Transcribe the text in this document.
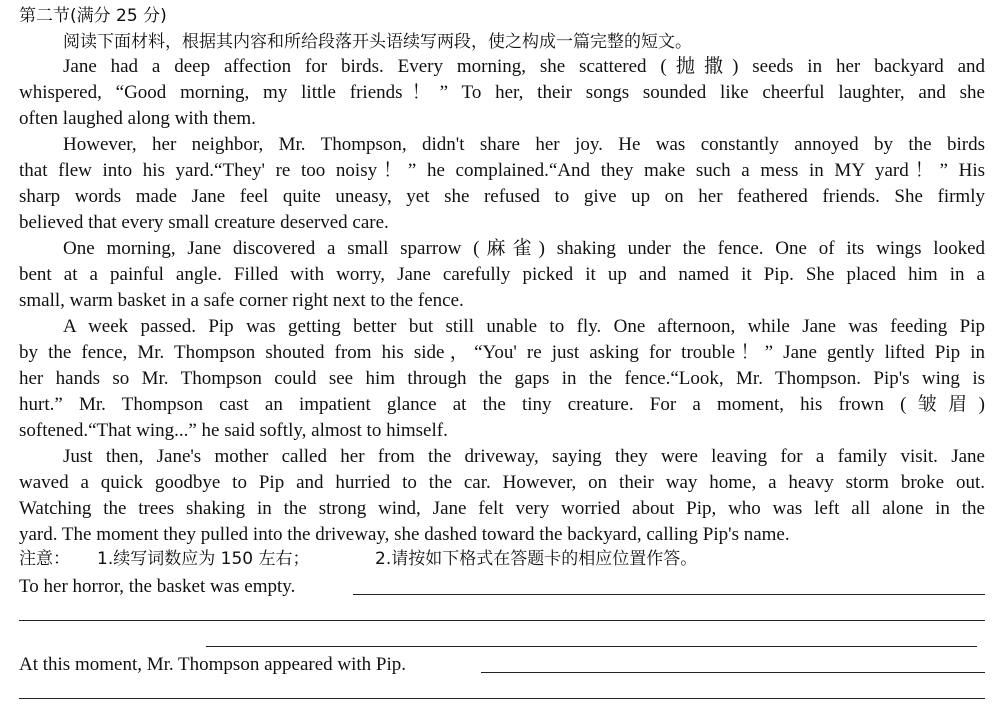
第二节(满分 25 分)
阅读下面材料，根据其内容和所给段落开头语续写两段，使之构成一篇完整的短文。
Jane had a deep affection for birds. Every morning, she scattered (抛撒) seeds in her backyard and
whispered, “Good morning, my little friends！” To her, their songs sounded like cheerful laughter, and she
often laughed along with them.
However, her neighbor, Mr. Thompson, didn't share her joy. He was constantly annoyed by the birds
that flew into his yard.“They' re too noisy！” he complained.“And they make such a mess in MY yard！” His
sharp words made Jane feel quite uneasy, yet she refused to give up on her feathered friends. She firmly
believed that every small creature deserved care.
One morning, Jane discovered a small sparrow (麻雀) shaking under the fence. One of its wings looked
bent at a painful angle. Filled with worry, Jane carefully picked it up and named it Pip. She placed him in a
small, warm basket in a safe corner right next to the fence.
A week passed. Pip was getting better but still unable to fly. One afternoon, while Jane was feeding Pip
by the fence, Mr. Thompson shouted from his side，“You' re just asking for trouble！” Jane gently lifted Pip in
her hands so Mr. Thompson could see him through the gaps in the fence.“Look, Mr. Thompson. Pip's wing is
hurt.” Mr. Thompson cast an impatient glance at the tiny creature. For a moment, his frown (皱眉)
softened.“That wing...” he said softly, almost to himself.
Just then, Jane's mother called her from the driveway, saying they were leaving for a family visit. Jane
waved a quick goodbye to Pip and hurried to the car. However, on their way home, a heavy storm broke out.
Watching the trees shaking in the strong wind, Jane felt very worried about Pip, who was left all alone in the
yard. The moment they pulled into the driveway, she dashed toward the backyard, calling Pip's name.
注意： 1.续写词数应为 150 左右；	2.请按如下格式在答题卡的相应位置作答。
To her horror, the basket was empty.
At this moment, Mr. Thompson appeared with Pip.
